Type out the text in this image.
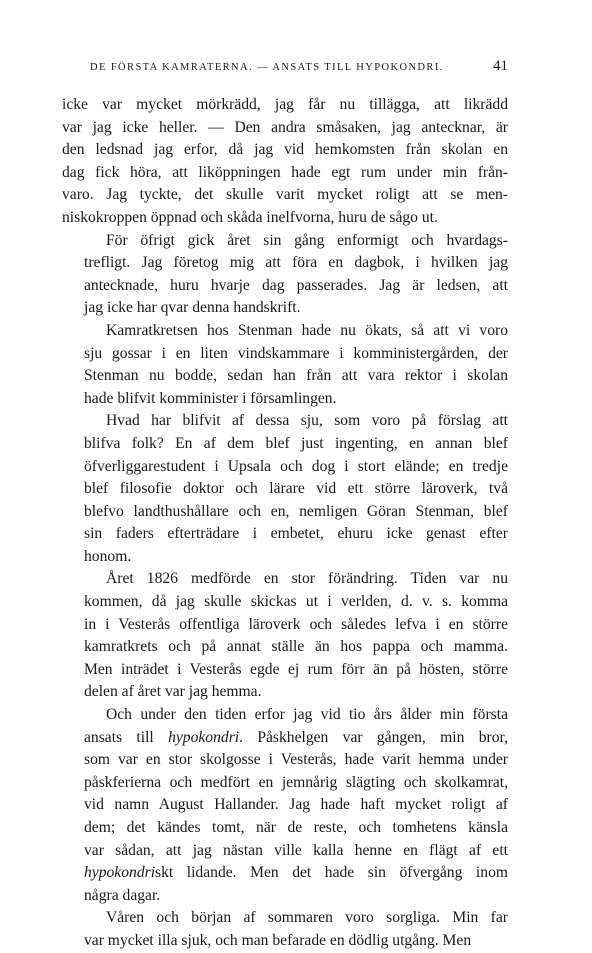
DE FÖRSTA KAMRATERNA. — ANSATS TILL HYPOKONDRI.	41
icke var mycket mörkrädd, jag får nu tillägga, att likrädd
var jag icke heller. — Den andra småsaken, jag antecknar, är
den ledsnad jag erfor, då jag vid hemkomsten från skolan en
dag fick höra, att liköppningen hade egt rum under min från-
varo. Jag tyckte, det skulle varit mycket roligt att se men-
niskokroppen öppnad och skåda inelfvorna, huru de sågo ut.
För öfrigt gick året sin gång enformigt och hvardags-
trefligt. Jag företog mig att föra en dagbok, i hvilken jag
antecknade, huru hvarje dag passerades. Jag är ledsen, att
jag icke har qvar denna handskrift.
Kamratkretsen hos Stenman hade nu ökats, så att vi voro
sju gossar i en liten vindskammare i komministergården, der
Stenman nu bodde, sedan han från att vara rektor i skolan
hade blifvit komminister i församlingen.
Hvad har blifvit af dessa sju, som voro på förslag att
blifva folk? En af dem blef just ingenting, en annan blef
öfverliggarestudent i Upsala och dog i stort elände; en tredje
blef filosofie doktor och lärare vid ett större läroverk, två
blefvo landthushållare och en, nemligen Göran Stenman, blef
sin faders efterträdare i embetet, ehuru icke genast efter
honom.
Året 1826 medförde en stor förändring. Tiden var nu
kommen, då jag skulle skickas ut i verlden, d. v. s. komma
in i Vesterås offentliga läroverk och således lefva i en större
kamratkrets och på annat ställe än hos pappa och mamma.
Men inträdet i Vesterås egde ej rum förr än på hösten, större
delen af året var jag hemma.
Och under den tiden erfor jag vid tio års ålder min första
ansats till hypokondri. Påskhelgen var gången, min bror,
som var en stor skolgosse i Vesterås, hade varit hemma under
påskferierna och medfört en jemnårig slägting och skolkamrat,
vid namn August Hallander. Jag hade haft mycket roligt af
dem; det kändes tomt, när de reste, och tomhetens känsla
var sådan, att jag nästan ville kalla henne en flägt af ett
hypokondriskt lidande. Men det hade sin öfvergång inom
några dagar.
Våren och början af sommaren voro sorgliga. Min far
var mycket illa sjuk, och man befarade en dödlig utgång. Men
